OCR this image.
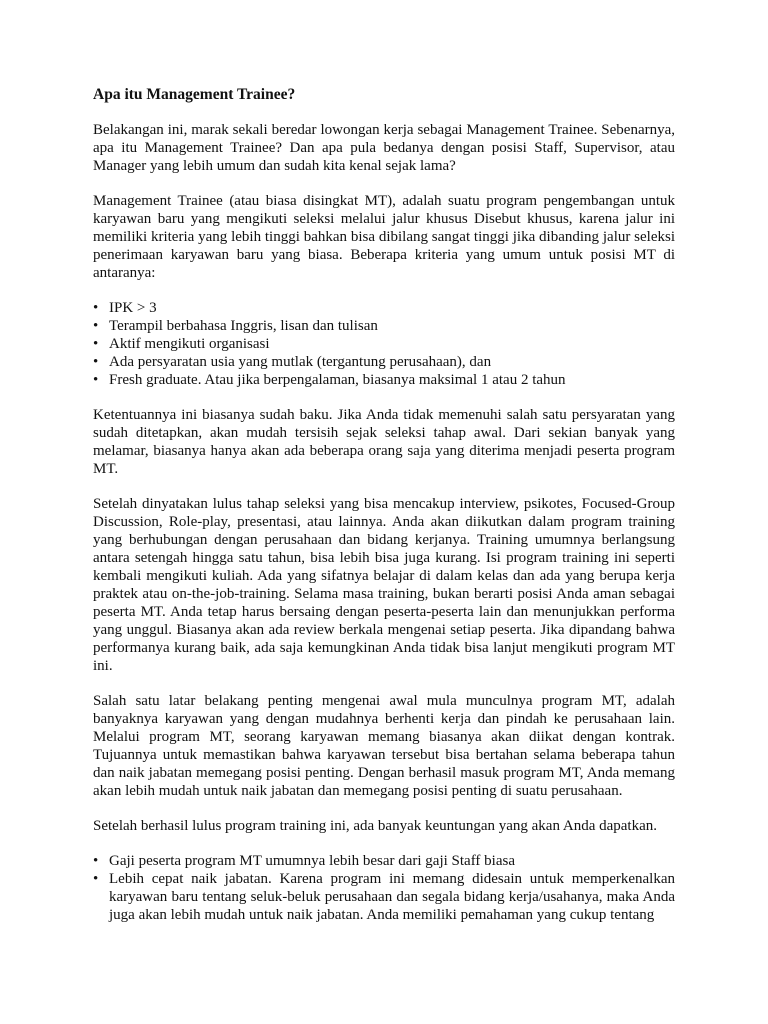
Apa itu Management Trainee?

Belakangan ini, marak sekali beredar lowongan kerja sebagai Management Trainee. Sebenarnya, apa itu Management Trainee? Dan apa pula bedanya dengan posisi Staff, Supervisor, atau Manager yang lebih umum dan sudah kita kenal sejak lama?

Management Trainee (atau biasa disingkat MT), adalah suatu program pengembangan untuk karyawan baru yang mengikuti seleksi melalui jalur khusus Disebut khusus, karena jalur ini memiliki kriteria yang lebih tinggi bahkan bisa dibilang sangat tinggi jika dibanding jalur seleksi penerimaan karyawan baru yang biasa. Beberapa kriteria yang umum untuk posisi MT di antaranya:

• IPK > 3
• Terampil berbahasa Inggris, lisan dan tulisan
• Aktif mengikuti organisasi
• Ada persyaratan usia yang mutlak (tergantung perusahaan), dan
• Fresh graduate. Atau jika berpengalaman, biasanya maksimal 1 atau 2 tahun

Ketentuannya ini biasanya sudah baku. Jika Anda tidak memenuhi salah satu persyaratan yang sudah ditetapkan, akan mudah tersisih sejak seleksi tahap awal. Dari sekian banyak yang melamar, biasanya hanya akan ada beberapa orang saja yang diterima menjadi peserta program MT.

Setelah dinyatakan lulus tahap seleksi yang bisa mencakup interview, psikotes, Focused-Group Discussion, Role-play, presentasi, atau lainnya. Anda akan diikutkan dalam program training yang berhubungan dengan perusahaan dan bidang kerjanya. Training umumnya berlangsung antara setengah hingga satu tahun, bisa lebih bisa juga kurang. Isi program training ini seperti kembali mengikuti kuliah. Ada yang sifatnya belajar di dalam kelas dan ada yang berupa kerja praktek atau on-the-job-training. Selama masa training, bukan berarti posisi Anda aman sebagai peserta MT. Anda tetap harus bersaing dengan peserta-peserta lain dan menunjukkan performa yang unggul. Biasanya akan ada review berkala mengenai setiap peserta. Jika dipandang bahwa performanya kurang baik, ada saja kemungkinan Anda tidak bisa lanjut mengikuti program MT ini.

Salah satu latar belakang penting mengenai awal mula munculnya program MT, adalah banyaknya karyawan yang dengan mudahnya berhenti kerja dan pindah ke perusahaan lain. Melalui program MT, seorang karyawan memang biasanya akan diikat dengan kontrak. Tujuannya untuk memastikan bahwa karyawan tersebut bisa bertahan selama beberapa tahun dan naik jabatan memegang posisi penting. Dengan berhasil masuk program MT, Anda memang akan lebih mudah untuk naik jabatan dan memegang posisi penting di suatu perusahaan.

Setelah berhasil lulus program training ini, ada banyak keuntungan yang akan Anda dapatkan.

• Gaji peserta program MT umumnya lebih besar dari gaji Staff biasa
• Lebih cepat naik jabatan. Karena program ini memang didesain untuk memperkenalkan karyawan baru tentang seluk-beluk perusahaan dan segala bidang kerja/usahanya, maka Anda juga akan lebih mudah untuk naik jabatan. Anda memiliki pemahaman yang cukup tentang
